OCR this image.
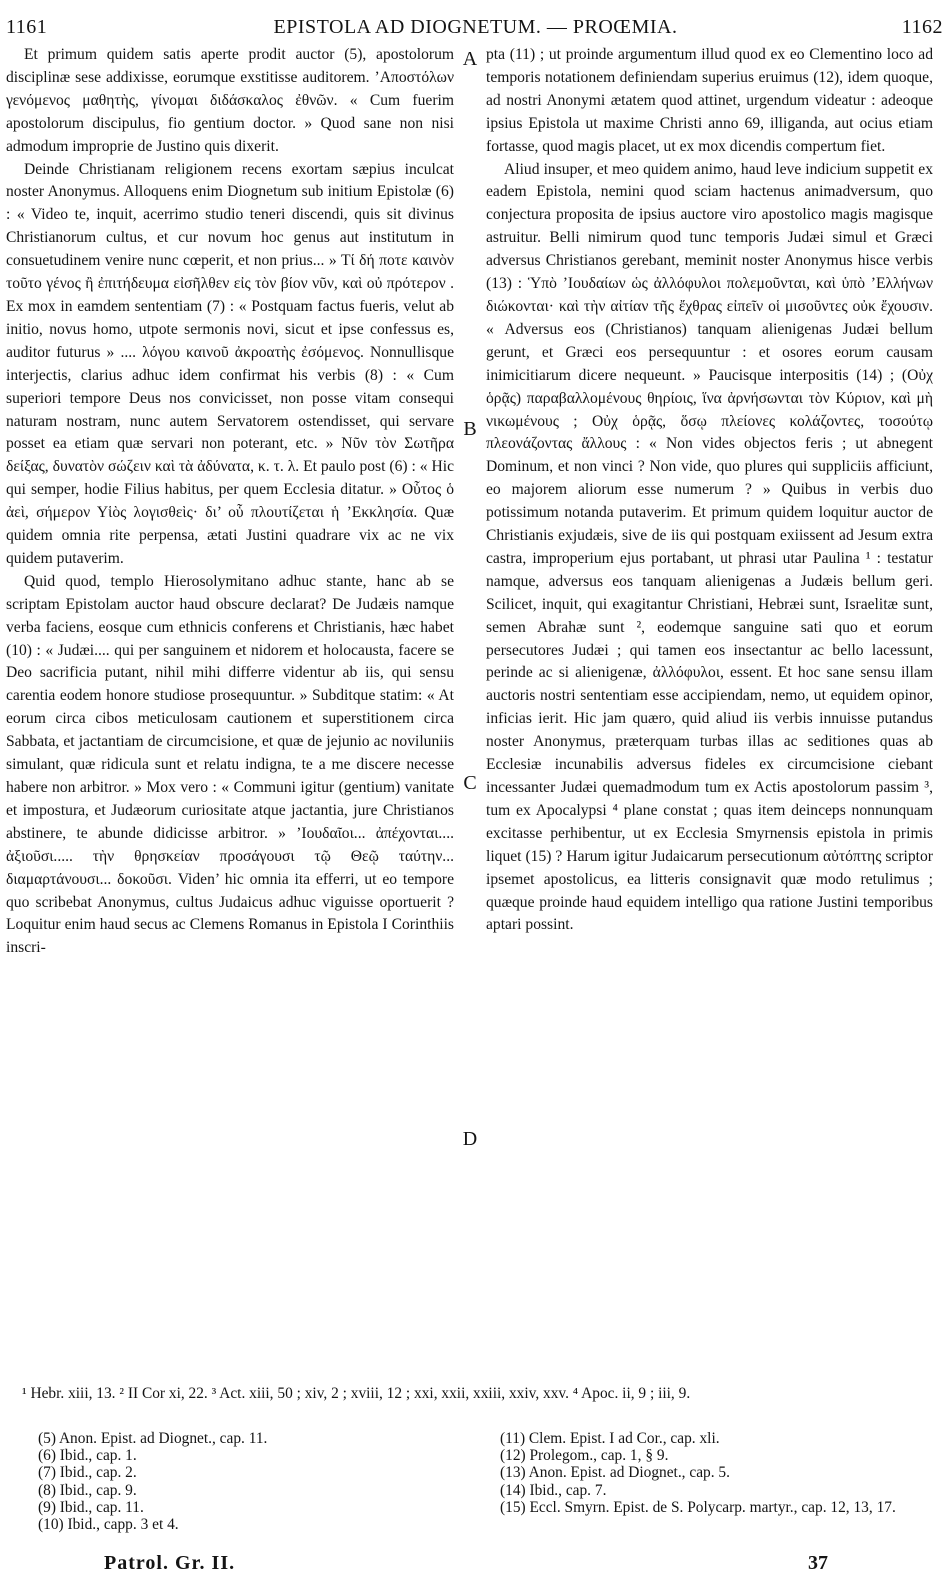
1161	EPISTOLA AD DIOGNETUM. — PROŒMIA.	1162

Et primum quidem satis aperte prodit auctor (5), apostolorum disciplinæ sese addixisse, eorumque exstitisse auditorem. ’Αποστόλων γενόμενος μαθητὴς, γίνομαι διδάσκαλος ἐθνῶν. « Cum fuerim apostolorum discipulus, fio gentium doctor. » Quod sane non nisi admodum improprie de Justino quis dixerit.

Deinde Christianam religionem recens exortam sæpius inculcat noster Anonymus. Alloquens enim Diognetum sub initium Epistolæ (6) : « Video te, inquit, acerrimo studio teneri discendi, quis sit divinus Christianorum cultus, et cur novum hoc genus aut institutum in consuetudinem venire nunc cœperit, et non prius... » Τί δή ποτε καινὸν τοῦτο γένος ἢ ἐπιτήδευμα εἰσῆλθεν εἰς τὸν βίον νῦν, καὶ οὐ πρότερον . Ex mox in eamdem sententiam (7) : « Postquam factus fueris, velut ab initio, novus homo, utpote sermonis novi, sicut et ipse confessus es, auditor futurus » .... λόγου καινοῦ ἀκροατὴς ἐσόμενος. Nonnullisque interjectis, clarius adhuc idem confirmat his verbis (8) : « Cum superiori tempore Deus nos convicisset, non posse vitam consequi naturam nostram, nunc autem Servatorem ostendisset, qui servare posset ea etiam quæ servari non poterant, etc. » Νῦν τὸν Σωτῆρα δείξας, δυνατὸν σώζειν καὶ τὰ ἀδύνατα, κ. τ. λ. Et paulo post (6) : « Hic qui semper, hodie Filius habitus, per quem Ecclesia ditatur. » Οὗτος ὁ ἀεὶ, σήμερον Υἱὸς λογισθεὶς· δι’ οὗ πλουτίζεται ἡ ’Εκκλησία. Quæ quidem omnia rite perpensa, ætati Justini quadrare vix ac ne vix quidem putaverim.

Quid quod, templo Hierosolymitano adhuc stante, hanc ab se scriptam Epistolam auctor haud obscure declarat? De Judæis namque verba faciens, eosque cum ethnicis conferens et Christianis, hæc habet (10) : « Judæi.... qui per sanguinem et nidorem et holocausta, facere se Deo sacrificia putant, nihil mihi differre videntur ab iis, qui sensu carentia eodem honore studiose prosequuntur. » Subditque statim: « At eorum circa cibos meticulosam cautionem et superstitionem circa Sabbata, et jactantiam de circumcisione, et quæ de jejunio ac noviluniis simulant, quæ ridicula sunt et relatu indigna, te a me discere necesse habere non arbitror. » Mox vero : « Communi igitur (gentium) vanitate et impostura, et Judæorum curiositate atque jactantia, jure Christianos abstinere, te abunde didicisse arbitror. » ’Ιουδαῖοι... ἀπέχονται.... ἀξιοῦσι..... τὴν θρησκείαν προσάγουσι τῷ Θεῷ ταύτην... διαμαρτάνουσι... δοκοῦσι. Viden’ hic omnia ita efferri, ut eo tempore quo scribebat Anonymus, cultus Judaicus adhuc viguisse oportuerit ? Loquitur enim haud secus ac Clemens Romanus in Epistola I Corinthiis inscri-

A
B
C
D

pta (11) ; ut proinde argumentum illud quod ex eo Clementino loco ad temporis notationem definiendam superius eruimus (12), idem quoque, ad nostri Anonymi ætatem quod attinet, urgendum videatur : adeoque ipsius Epistola ut maxime Christi anno 69, illiganda, aut ocius etiam fortasse, quod magis placet, ut ex mox dicendis compertum fiet.

Aliud insuper, et meo quidem animo, haud leve indicium suppetit ex eadem Epistola, nemini quod sciam hactenus animadversum, quo conjectura proposita de ipsius auctore viro apostolico magis magisque astruitur. Belli nimirum quod tunc temporis Judæi simul et Græci adversus Christianos gerebant, meminit noster Anonymus hisce verbis (13) : Ὑπὸ ’Ιουδαίων ὡς ἀλλόφυλοι πολεμοῦνται, καὶ ὑπὸ ’Ελλήνων διώκονται· καὶ τὴν αἰτίαν τῆς ἔχθρας εἰπεῖν οἱ μισοῦντες οὐκ ἔχουσιν. « Adversus eos (Christianos) tanquam alienigenas Judæi bellum gerunt, et Græci eos persequuntur : et osores eorum causam inimicitiarum dicere nequeunt. » Paucisque interpositis (14) ; (Οὐχ ὁρᾷς) παραβαλλομένους θηρίοις, ἵνα ἀρνήσωνται τὸν Κύριον, καὶ μὴ νικωμένους ; Οὐχ ὁρᾷς, ὅσῳ πλείονες κολάζοντες, τοσούτῳ πλεονάζοντας ἄλλους : « Non vides objectos feris ; ut abnegent Dominum, et non vinci ? Non vide, quo plures qui suppliciis afficiunt, eo majorem aliorum esse numerum ? » Quibus in verbis duo potissimum notanda putaverim. Et primum quidem loquitur auctor de Christianis exjudæis, sive de iis qui postquam exiissent ad Jesum extra castra, improperium ejus portabant, ut phrasi utar Paulina ¹ : testatur namque, adversus eos tanquam alienigenas a Judæis bellum geri. Scilicet, inquit, qui exagitantur Christiani, Hebræi sunt, Israelitæ sunt, semen Abrahæ sunt ², eodemque sanguine sati quo et eorum persecutores Judæi ; qui tamen eos insectantur ac bello lacessunt, perinde ac si alienigenæ, ἀλλόφυλοι, essent. Et hoc sane sensu illam auctoris nostri sententiam esse accipiendam, nemo, ut equidem opinor, inficias ierit. Hic jam quæro, quid aliud iis verbis innuisse putandus noster Anonymus, præterquam turbas illas ac seditiones quas ab Ecclesiæ incunabilis adversus fideles ex circumcisione ciebant incessanter Judæi quemadmodum tum ex Actis apostolorum passim ³, tum ex Apocalypsi ⁴ plane constat ; quas item deinceps nonnunquam excitasse perhibentur, ut ex Ecclesia Smyrnensis epistola in primis liquet (15) ? Harum igitur Judaicarum persecutionum αὐτόπτης scriptor ipsemet apostolicus, ea litteris consignavit quæ modo retulimus ; quæque proinde haud equidem intelligo qua ratione Justini temporibus aptari possint.

¹ Hebr. xiii, 13. ² II Cor xi, 22. ³ Act. xiii, 50 ; xiv, 2 ; xviii, 12 ; xxi, xxii, xxiii, xxiv, xxv. ⁴ Apoc. ii, 9 ; iii, 9.
(5) Anon. Epist. ad Diognet., cap. 11.
(6) Ibid., cap. 1.
(7) Ibid., cap. 2.
(8) Ibid., cap. 9.
(9) Ibid., cap. 11.
(10) Ibid., capp. 3 et 4.
(11) Clem. Epist. I ad Cor., cap. xli.
(12) Prolegom., cap. 1, § 9.
(13) Anon. Epist. ad Diognet., cap. 5.
(14) Ibid., cap. 7.
(15) Eccl. Smyrn. Epist. de S. Polycarp. martyr., cap. 12, 13, 17.
Patrol. Gr. II.	37
